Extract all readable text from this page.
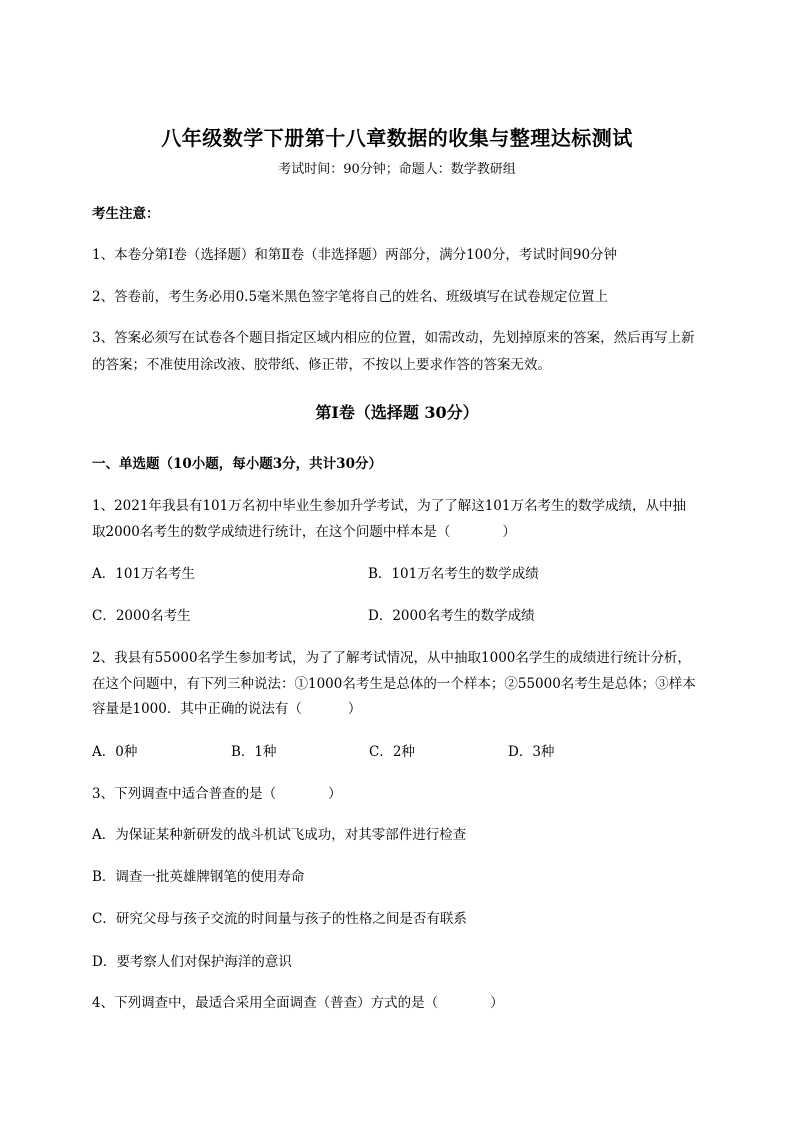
八年级数学下册第十八章数据的收集与整理达标测试
考试时间：90分钟；命题人：数学教研组
考生注意：
1、本卷分第I卷（选择题）和第Ⅱ卷（非选择题）两部分，满分100分，考试时间90分钟
2、答卷前，考生务必用0.5毫米黑色签字笔将自己的姓名、班级填写在试卷规定位置上
3、答案必须写在试卷各个题目指定区域内相应的位置，如需改动，先划掉原来的答案，然后再写上新
的答案；不准使用涂改液、胶带纸、修正带，不按以上要求作答的答案无效。
第I卷（选择题 30分）
一、单选题（10小题，每小题3分，共计30分）
1、2021年我县有101万名初中毕业生参加升学考试，为了了解这101万名考生的数学成绩，从中抽
取2000名考生的数学成绩进行统计，在这个问题中样本是（	）
A．101万名考生	B．101万名考生的数学成绩
C．2000名考生	D．2000名考生的数学成绩
2、我县有55000名学生参加考试，为了了解考试情况，从中抽取1000名学生的成绩进行统计分析，
在这个问题中，有下列三种说法：①1000名考生是总体的一个样本；②55000名考生是总体；③样本
容量是1000．其中正确的说法有（	）
A．0种	B．1种	C．2种	D．3种
3、下列调查中适合普查的是（	）
A．为保证某种新研发的战斗机试飞成功，对其零部件进行检查
B．调查一批英雄牌钢笔的使用寿命
C．研究父母与孩子交流的时间量与孩子的性格之间是否有联系
D．要考察人们对保护海洋的意识
4、下列调查中，最适合采用全面调查（普查）方式的是（	）
